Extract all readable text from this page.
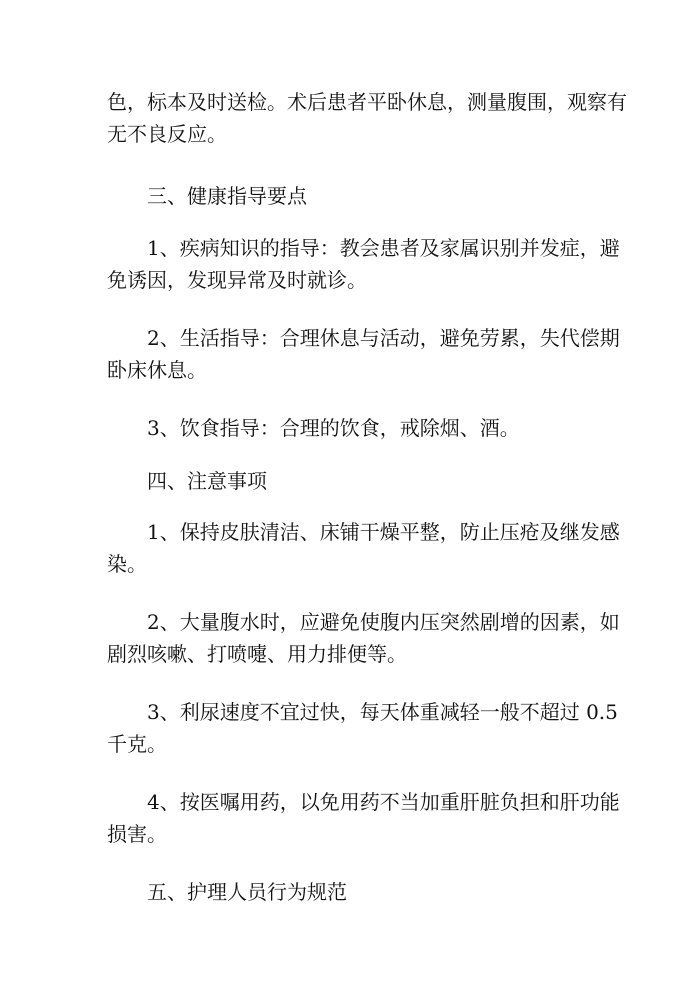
色，标本及时送检。术后患者平卧休息，测量腹围，观察有
无不良反应。

三、健康指导要点

1、疾病知识的指导：教会患者及家属识别并发症，避
免诱因，发现异常及时就诊。

2、生活指导：合理休息与活动，避免劳累，失代偿期
卧床休息。

3、饮食指导：合理的饮食，戒除烟、酒。

四、注意事项

1、保持皮肤清洁、床铺干燥平整，防止压疮及继发感
染。

2、大量腹水时，应避免使腹内压突然剧增的因素，如
剧烈咳嗽、打喷嚏、用力排便等。

3、利尿速度不宜过快，每天体重减轻一般不超过 0.5
千克。

4、按医嘱用药，以免用药不当加重肝脏负担和肝功能
损害。

五、护理人员行为规范
